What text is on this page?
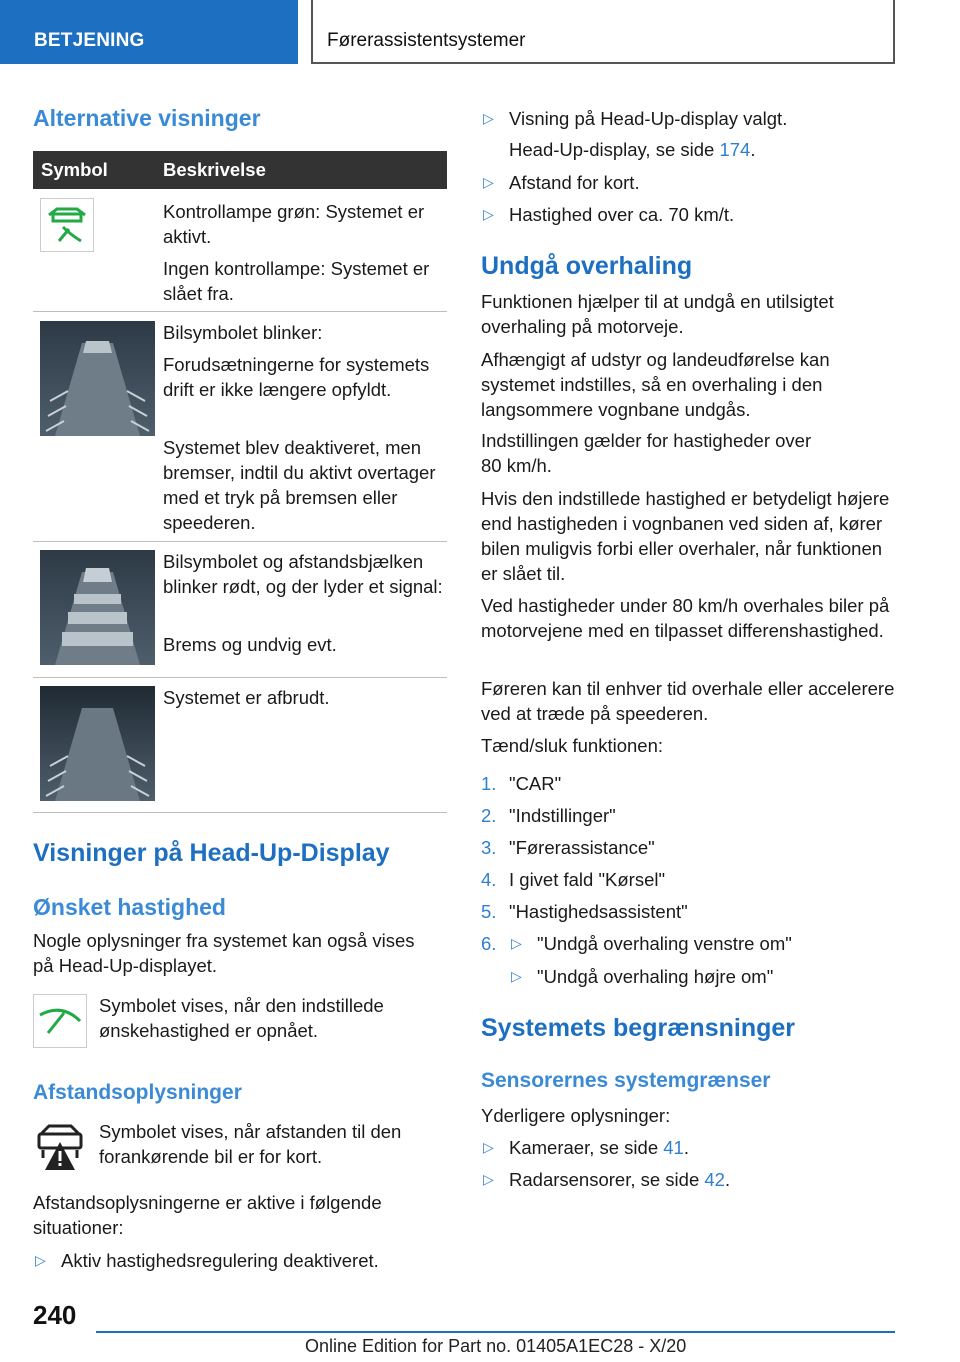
BETJENING	Førerassistentsystemer
Alternative visninger
Symbol	Beskrivelse
Kontrollampe grøn: Systemet er aktivt.
Ingen kontrollampe: Systemet er slået fra.
Bilsymbolet blinker:
Forudsætningerne for systemets drift er ikke længere opfyldt.
Systemet blev deaktiveret, men bremser, indtil du aktivt overtager med et tryk på bremsen eller speederen.
Bilsymbolet og afstandsbjælken blinker rødt, og der lyder et signal:
Brems og undvig evt.
Systemet er afbrudt.
Visninger på Head-Up-Display
Ønsket hastighed
Nogle oplysninger fra systemet kan også vises på Head-Up-displayet.
Symbolet vises, når den indstillede ønskehastighed er opnået.
Afstandsoplysninger
Symbolet vises, når afstanden til den forankørende bil er for kort.
Afstandsoplysningerne er aktive i følgende situationer:
▷ Aktiv hastighedsregulering deaktiveret.
▷ Visning på Head-Up-display valgt.
Head-Up-display, se side 174.
▷ Afstand for kort.
▷ Hastighed over ca. 70 km/t.
Undgå overhaling
Funktionen hjælper til at undgå en utilsigtet overhaling på motorveje.
Afhængigt af udstyr og landeudførelse kan systemet indstilles, så en overhaling i den langsommere vognbane undgås.
Indstillingen gælder for hastigheder over 80 km/h.
Hvis den indstillede hastighed er betydeligt højere end hastigheden i vognbanen ved siden af, kører bilen muligvis forbi eller overhaler, når funktionen er slået til.
Ved hastigheder under 80 km/h overhales biler på motorvejene med en tilpasset differenshastighed.
Føreren kan til enhver tid overhale eller accelerere ved at træde på speederen.
Tænd/sluk funktionen:
1. "CAR"
2. "Indstillinger"
3. "Førerassistance"
4. I givet fald "Kørsel"
5. "Hastighedsassistent"
6. ▷ "Undgå overhaling venstre om"
▷ "Undgå overhaling højre om"
Systemets begrænsninger
Sensorernes systemgrænser
Yderligere oplysninger:
▷ Kameraer, se side 41.
▷ Radarsensorer, se side 42.
240
Online Edition for Part no. 01405A1EC28 - X/20
